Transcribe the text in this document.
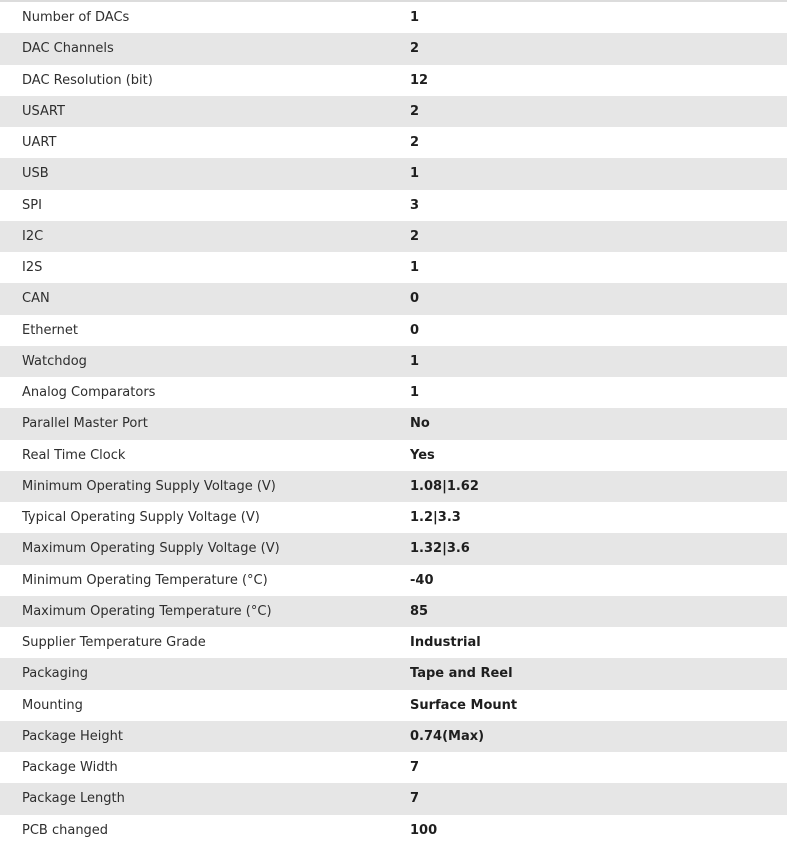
Number of DACs	1
DAC Channels	2
DAC Resolution (bit)	12
USART	2
UART	2
USB	1
SPI	3
I2C	2
I2S	1
CAN	0
Ethernet	0
Watchdog	1
Analog Comparators	1
Parallel Master Port	No
Real Time Clock	Yes
Minimum Operating Supply Voltage (V)	1.08|1.62
Typical Operating Supply Voltage (V)	1.2|3.3
Maximum Operating Supply Voltage (V)	1.32|3.6
Minimum Operating Temperature (°C)	-40
Maximum Operating Temperature (°C)	85
Supplier Temperature Grade	Industrial
Packaging	Tape and Reel
Mounting	Surface Mount
Package Height	0.74(Max)
Package Width	7
Package Length	7
PCB changed	100
